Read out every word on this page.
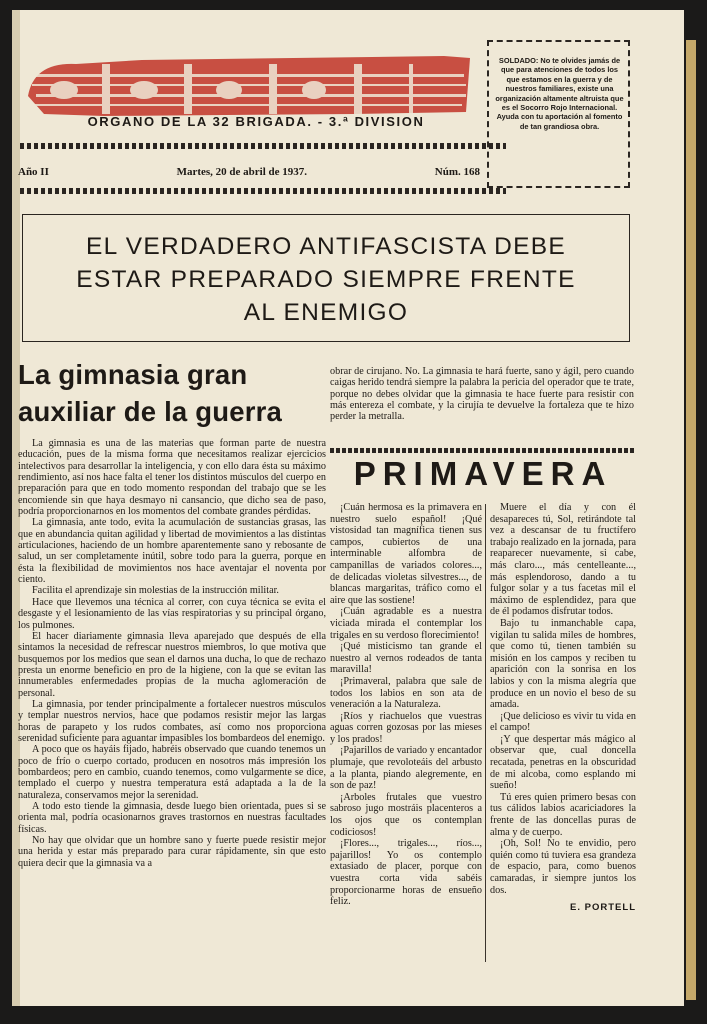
ORGANO DE LA 32 BRIGADA. - 3.ª DIVISION
SOLDADO: No te olvides jamás de que para atenciones de todos los que estamos en la guerra y de nuestros familiares, existe una organización altamente altruista que es el Socorro Rojo Internacional. Ayuda con tu aportación al fomento de tan grandiosa obra.
Año II	Martes, 20 de abril de 1937.	Núm. 168
EL VERDADERO ANTIFASCISTA DEBE
ESTAR PREPARADO SIEMPRE FRENTE
AL ENEMIGO
La gimnasia gran
auxiliar de la guerra

La gimnasia es una de las materias que forman parte de nuestra educación, pues de la misma forma que necesitamos realizar ejercicios intelectivos para desarrollar la inteligencia, y con ello dara ésta su máximo rendimiento, así nos hace falta el tener los distintos músculos del cuerpo en preparación para que en todo momento respondan del trabajo que se les encomiende sin que haya desmayo ni cansancio, que dicho sea de paso, podría proporcionarnos en los momentos del combate grandes pérdidas.

La gimnasia, ante todo, evita la acumulación de sustancias grasas, las que en abundancia quitan agilidad y libertad de movimientos a las distintas articulaciones, haciendo de un hombre aparentemente sano y rebosante de salud, un ser completamente inútil, sobre todo para la guerra, porque en ésta la flexibilidad de movimientos nos hace aventajar el noventa por ciento.

Facilita el aprendizaje sin molestias de la instrucción militar.

Hace que llevemos una técnica al correr, con cuya técnica se evita el desgaste y el lesionamiento de las vías respiratorias y su principal órgano, los pulmones.

El hacer diariamente gimnasia lleva aparejado que después de ella sintamos la necesidad de refrescar nuestros miembros, lo que motiva que busquemos por los medios que sean el darnos una ducha, lo que de rechazo presta un enorme beneficio en pro de la higiene, con la que se evitan las innumerables enfermedades propias de la mucha aglomeración de personal.

La gimnasia, por tender principalmente a fortalecer nuestros músculos y templar nuestros nervios, hace que podamos resistir mejor las largas horas de parapeto y los rudos combates, así como nos proporciona serenidad suficiente para aguantar impasibles los bombardeos del enemigo.

A poco que os hayáis fijado, habréis observado que cuando tenemos un poco de frío o cuerpo cortado, producen en nosotros más impresión los bombardeos; pero en cambio, cuando tenemos, como vulgarmente se dice, templado el cuerpo y nuestra temperatura está adaptada a la de la naturaleza, conservamos mejor la serenidad.

A todo esto tiende la gimnasia, desde luego bien orientada, pues si se orienta mal, podría ocasionarnos graves trastornos en nuestras facultades físicas.

No hay que olvidar que un hombre sano y fuerte puede resistir mejor una herida y estar más preparado para curar rápidamente, sin que esto quiera decir que la gimnasia va a

obrar de cirujano. No. La gimnasia te hará fuerte, sano y ágil, pero cuando caigas herido tendrá siempre la palabra la pericia del operador que te trate, porque no debes olvidar que la gimnasia te hace fuerte para resistir con más entereza el combate, y la cirujía te devuelve la fortaleza que te hizo perder la metralla.

PRIMAVERA

¡Cuán hermosa es la primavera en nuestro suelo español! ¡Qué vistosidad tan magnífica tienen sus campos, cubiertos de una interminable alfombra de campanillas de variados colores..., de delicadas violetas silvestres..., de blancas margaritas, tráfico como el aire que las sostiene!

¡Cuán agradable es a nuestra viciada mirada el contemplar los trigales en su verdoso florecimiento!

¡Qué misticismo tan grande el nuestro al vernos rodeados de tanta maravilla!

¡Primaveral, palabra que sale de todos los labios en son ata de veneración a la Naturaleza.

¡Ríos y riachuelos que vuestras aguas corren gozosas por las mieses y los prados!

¡Pajarillos de variado y encantador plumaje, que revoloteáis del arbusto a la planta, piando alegremente, en son de paz!

¡Arboles frutales que vuestro sabroso jugo mostráis placenteros a los ojos que os contemplan codiciosos!

¡Flores..., trigales..., ríos..., pajarillos! Yo os contemplo extasiado de placer, porque con vuestra corta vida sabéis proporcionarme horas de ensueño feliz.

Muere el día y con él desapareces tú, Sol, retirándote tal vez a descansar de tu fructífero trabajo realizado en la jornada, para reaparecer nuevamente, si cabe, más claro..., más centelleante..., más esplendoroso, dando a tu fulgor solar y a tus facetas mil el máximo de esplendidez, para que de él podamos disfrutar todos.

Bajo tu inmanchable capa, vigilan tu salida miles de hombres, que como tú, tienen también su misión en los campos y reciben tu aparición con la sonrisa en los labios y con la misma alegría que produce en un novio el beso de su amada.

¡Que delicioso es vivir tu vida en el campo!

¡Y que despertar más mágico al observar que, cual doncella recatada, penetras en la obscuridad de mi alcoba, como esplando mi sueño!

Tú eres quien primero besas con tus cálidos labios acariciadores la frente de las doncellas puras de alma y de cuerpo.

¡Oh, Sol! No te envidio, pero quién como tú tuviera esa grandeza de espacio, para, como buenos camaradas, ir siempre juntos los dos.

E. PORTELL
